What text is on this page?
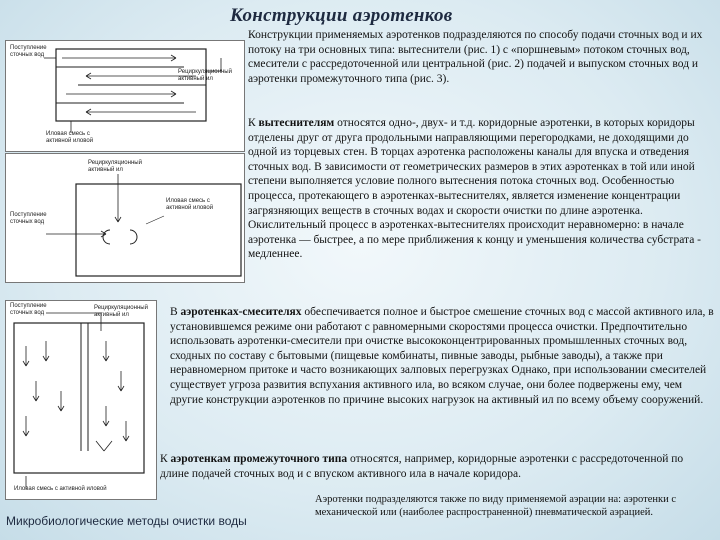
Конструкции аэротенков
Поступление сточных вод
Рециркуляционный активный ил
Иловая смесь с активной иловой
Рециркуляционный активный ил
Поступление сточных вод
Иловая смесь с активной иловой
Поступление сточных вод
Рециркуляционный активный ил
Иловая смесь с активной иловой

Конструкции применяемых аэротенков подразделяются по способу подачи сточных вод и их потоку на три основных типа: вытеснители (рис. 1) с «поршневым» потоком сточных вод, смесители с рассредоточенной или центральной (рис. 2) подачей и выпуском сточных вод и аэротенки промежуточного типа (рис. 3).

К вытеснителям относятся одно-, двух- и т.д. коридорные аэротенки, в которых коридоры отделены друг от друга продольными направляющими перегородками, не доходящими до одной из торцевых стен. В торцах аэротенка расположены каналы для впуска и отведения сточных вод. В зависимости от геометрических размеров в этих аэротенках в той или иной степени выполняется условие полного вытеснения потока сточных вод. Особенностью процесса, протекающего в аэротенках-вытеснителях, является изменение концентрации загрязняющих веществ в сточных водах и скорости очистки по длине аэротенка. Окислительный процесс в аэротенках-вытеснителях происходит неравномерно: в начале аэротенка — быстрее, а по мере приближения к концу и уменьшения количества субстрата - медленнее.

В аэротенках-смесителях обеспечивается полное и быстрое смешение сточных вод с массой активного ила, в установившемся режиме они работают с равномерными скоростями процесса очистки. Предпочтительно использовать аэротенки-смесители при очистке высококонцентрированных промышленных сточных вод, сходных по составу с бытовыми (пищевые комбинаты, пивные заводы, рыбные заводы), а также при неравномерном притоке и часто возникающих залповых перегрузках Однако, при использовании смесителей существует угроза развития вспухания активного ила, во всяком случае, они более подвержены ему, чем другие конструкции аэротенков по причине высоких нагрузок на активный ил по всему объему сооружений.

К аэротенкам промежуточного типа относятся, например, коридорные аэротенки с рассредоточенной по длине подачей сточных вод и с впуском активного ила в начале коридора.

Аэротенки подразделяются также по виду применяемой аэрации на: аэротенки с механической или (наиболее распространенной) пневматической аэрацией.
Микробиологические методы очистки воды
